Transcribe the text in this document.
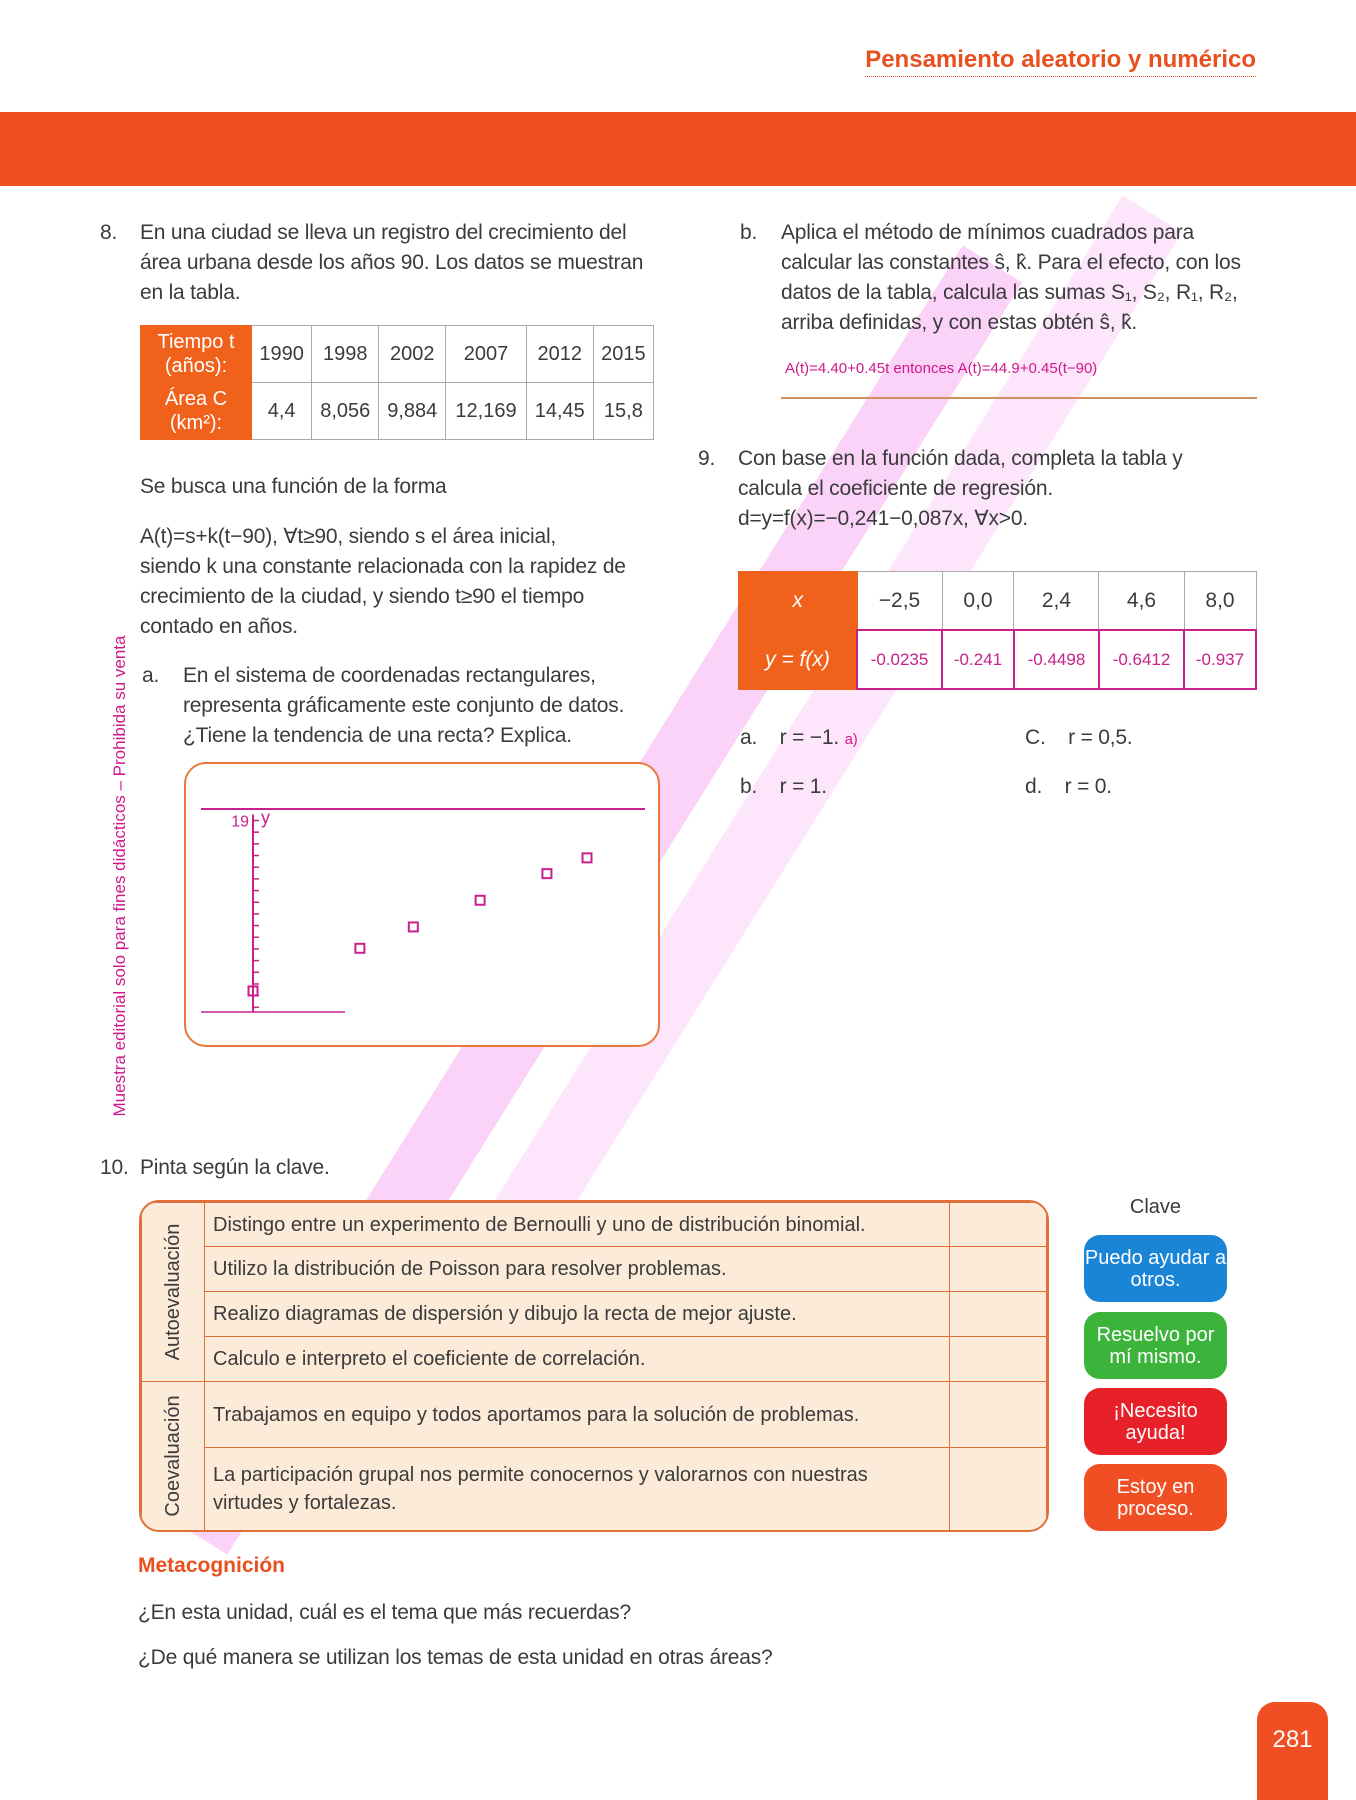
Pensamiento aleatorio y numérico
Muestra editorial solo para fines didácticos – Prohibida su venta
8. En una ciudad se lleva un registro del crecimiento del
área urbana desde los años 90. Los datos se muestran
en la tabla.
Tiempo t
(años):	1990	1998	2002	2007	2012	2015
Área C
(km²):	4,4	8,056	9,884	12,169	14,45	15,8
Se busca una función de la forma
A(t)=s+k(t−90), ∀t≥90, siendo s el área inicial,
siendo k una constante relacionada con la rapidez de
crecimiento de la ciudad, y siendo t≥90 el tiempo
contado en años.
a. En el sistema de coordenadas rectangulares,
representa gráficamente este conjunto de datos.
¿Tiene la tendencia de una recta? Explica.
19 y
b. Aplica el método de mínimos cuadrados para
calcular las constantes ŝ, k̂. Para el efecto, con los
datos de la tabla, calcula las sumas S₁, S₂, R₁, R₂,
arriba definidas, y con estas obtén ŝ, k̂.
A(t)=4.40+0.45t entonces A(t)=44.9+0.45(t−90)
9. Con base en la función dada, completa la tabla y
calcula el coeficiente de regresión.
d=y=f(x)=−0,241−0,087x, ∀x>0.
x	−2,5	0,0	2,4	4,6	8,0
y = f(x)	-0.0235	-0.241	-0.4498	-0.6412	-0.937
a. r = −1. a)	C. r = 0,5.
b. r = 1.	d. r = 0.
10. Pinta según la clave.
Autoevaluación	Distingo entre un experimento de Bernoulli y uno de distribución binomial.	
	Utilizo la distribución de Poisson para resolver problemas.	
	Realizo diagramas de dispersión y dibujo la recta de mejor ajuste.	
	Calculo e interpreto el coeficiente de correlación.	

Coevaluación	Trabajamos en equipo y todos aportamos para la solución de problemas.	
	La participación grupal nos permite conocernos y valorarnos con nuestras virtudes y fortalezas.	
Clave
Puedo ayudar a otros.
Resuelvo por mí mismo.
¡Necesito ayuda!
Estoy en proceso.
Metacognición
¿En esta unidad, cuál es el tema que más recuerdas?
¿De qué manera se utilizan los temas de esta unidad en otras áreas?
281
